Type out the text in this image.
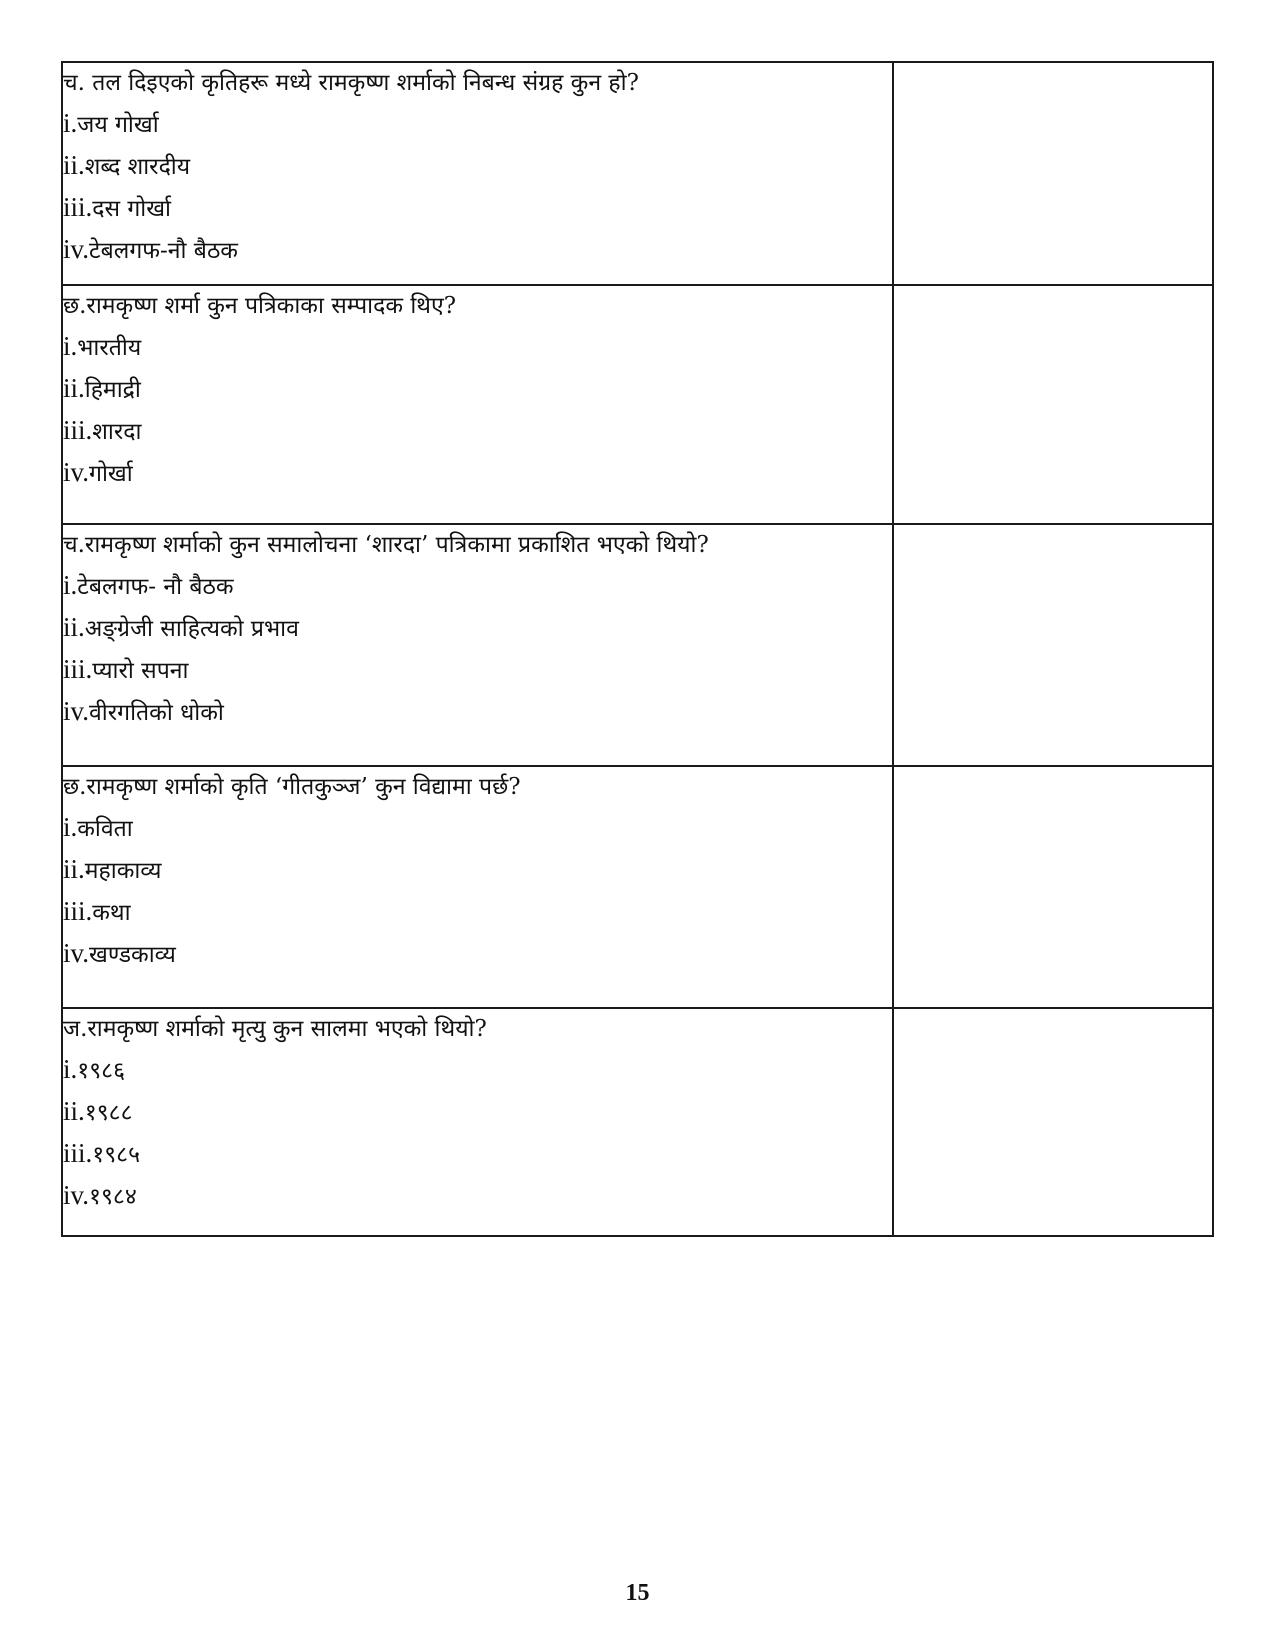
च. तल दिइएको कृतिहरू मध्ये रामकृष्ण शर्माको निबन्ध संग्रह कुन हो?

i.जय गोर्खा

ii.शब्द शारदीय

iii.दस गोर्खा

iv.टेबलगफ-नौ बैठक	

छ.रामकृष्ण शर्मा कुन पत्रिकाका सम्पादक थिए?

i.भारतीय

ii.हिमाद्री

iii.शारदा

iv.गोर्खा	

च.रामकृष्ण शर्माको कुन समालोचना ‘शारदा’ पत्रिकामा प्रकाशित भएको थियो?

i.टेबलगफ- नौ बैठक

ii.अङ्ग्रेजी साहित्यको प्रभाव

iii.प्यारो सपना

iv.वीरगतिको धोको	

छ.रामकृष्ण शर्माको कृति ‘गीतकुञ्ज’ कुन विद्यामा पर्छ?

i.कविता

ii.महाकाव्य

iii.कथा

iv.खण्डकाव्य	

ज.रामकृष्ण शर्माको मृत्यु कुन सालमा भएको थियो?

i.१९८६

ii.१९८८

iii.१९८५

iv.१९८४	

15
